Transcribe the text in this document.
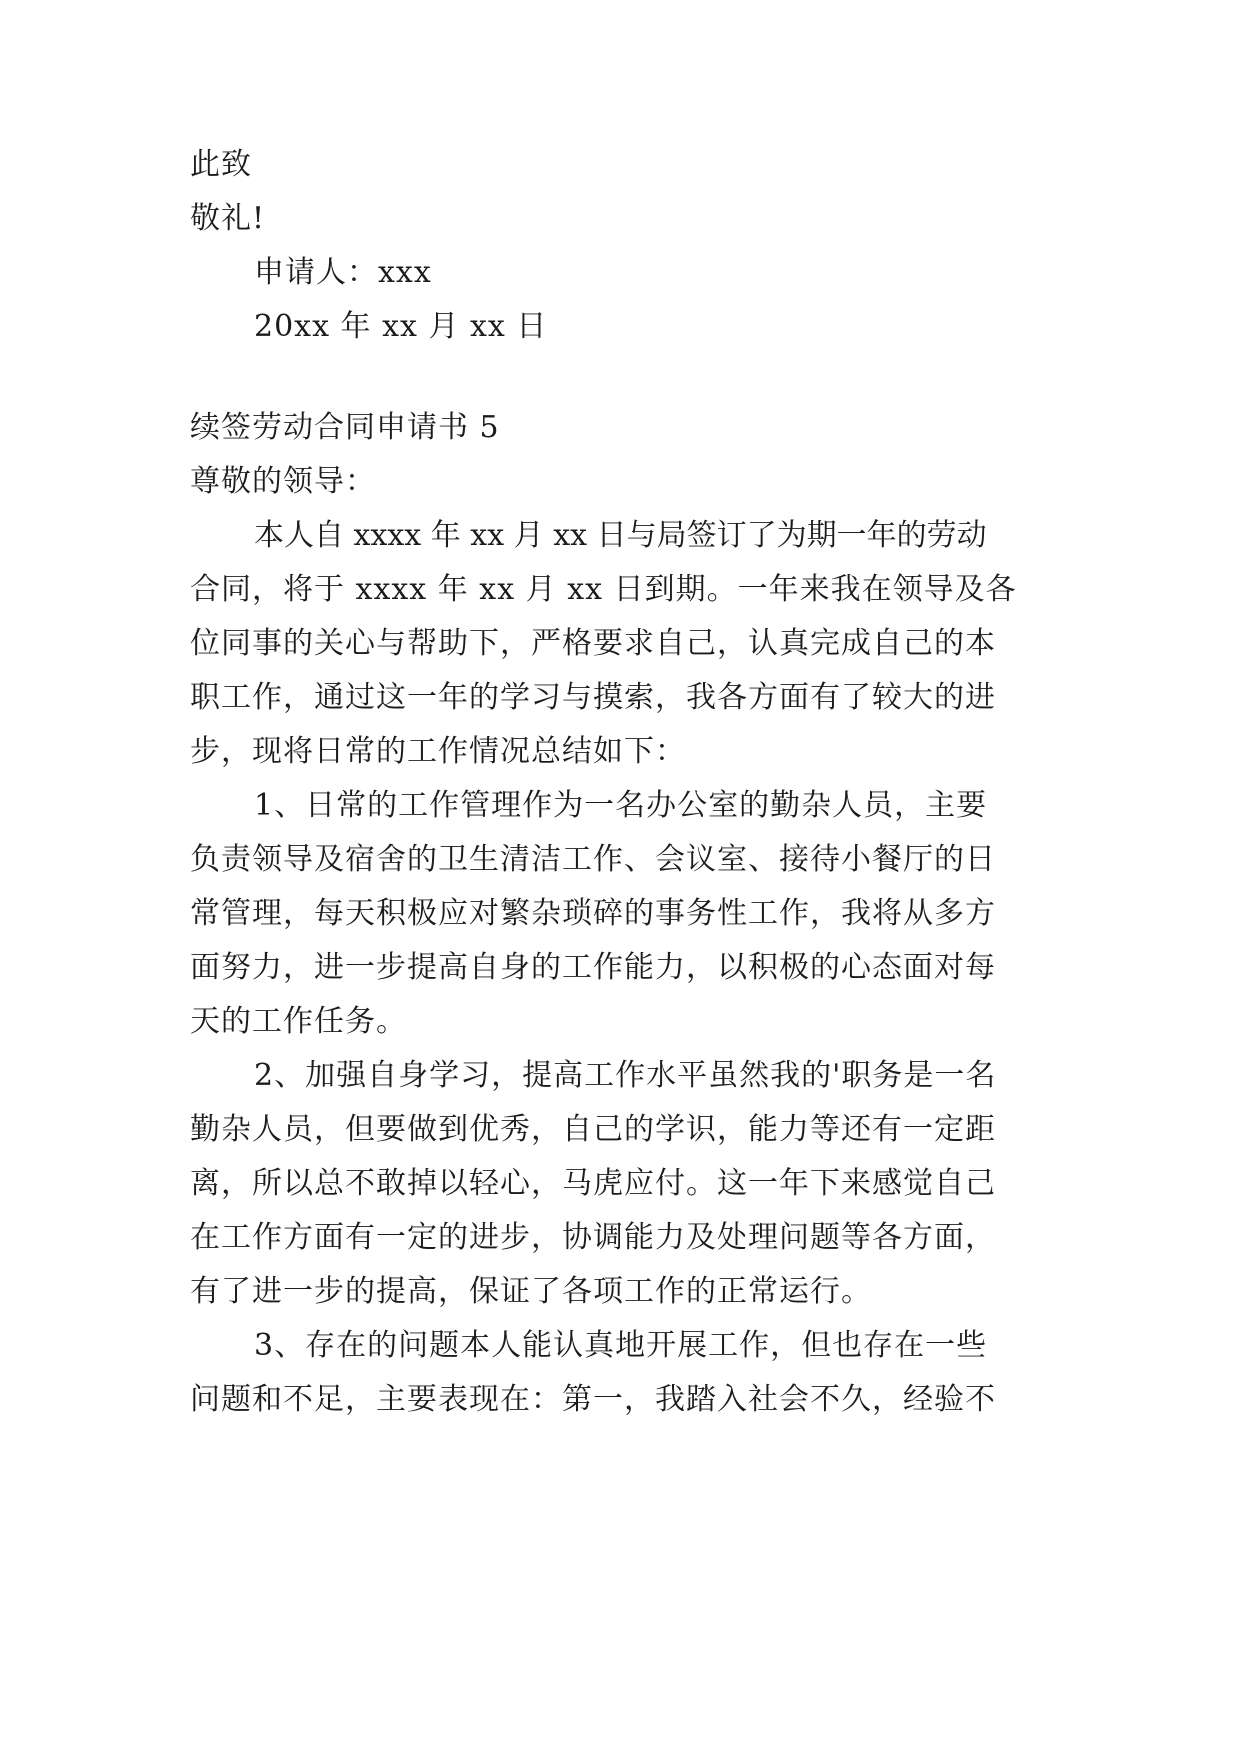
此致
敬礼!
申请人：xxx
20xx 年 xx 月 xx 日
续签劳动合同申请书 5
尊敬的领导：
本人自 xxxx 年 xx 月 xx 日与局签订了为期一年的劳动
合同，将于 xxxx 年 xx 月 xx 日到期。一年来我在领导及各
位同事的关心与帮助下，严格要求自己，认真完成自己的本
职工作，通过这一年的学习与摸索，我各方面有了较大的进
步，现将日常的工作情况总结如下：
1、日常的工作管理作为一名办公室的勤杂人员，主要
负责领导及宿舍的卫生清洁工作、会议室、接待小餐厅的日
常管理，每天积极应对繁杂琐碎的事务性工作，我将从多方
面努力，进一步提高自身的工作能力，以积极的心态面对每
天的工作任务。
2、加强自身学习，提高工作水平虽然我的'职务是一名
勤杂人员，但要做到优秀，自己的学识，能力等还有一定距
离，所以总不敢掉以轻心，马虎应付。这一年下来感觉自己
在工作方面有一定的进步，协调能力及处理问题等各方面，
有了进一步的提高，保证了各项工作的正常运行。
3、存在的问题本人能认真地开展工作，但也存在一些
问题和不足，主要表现在：第一，我踏入社会不久，经验不
